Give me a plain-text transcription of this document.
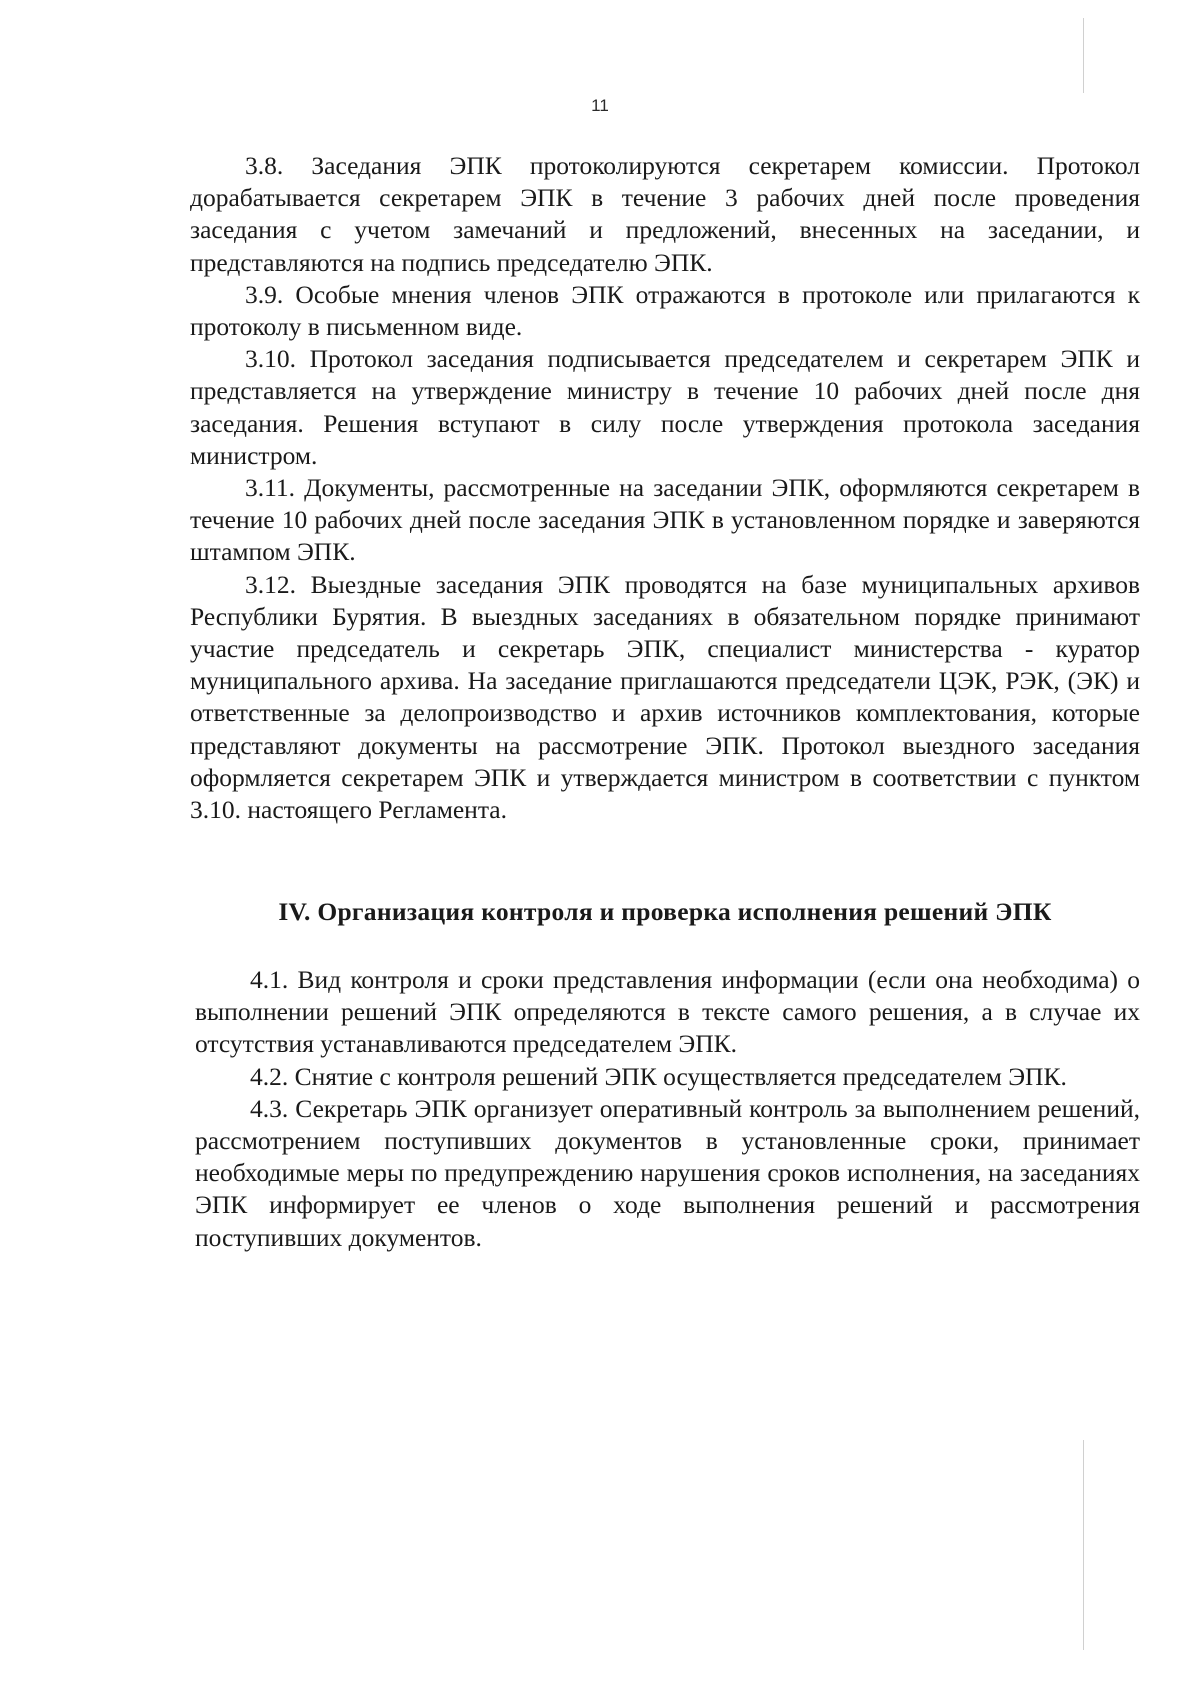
11

3.8. Заседания ЭПК протоколируются секретарем комиссии. Протокол дорабатывается секретарем ЭПК в течение 3 рабочих дней после проведения заседания с учетом замечаний и предложений, внесенных на заседании, и представляются на подпись председателю ЭПК.

3.9. Особые мнения членов ЭПК отражаются в протоколе или прилагаются к протоколу в письменном виде.

3.10. Протокол заседания подписывается председателем и секретарем ЭПК и представляется на утверждение министру в течение 10 рабочих дней после дня заседания. Решения вступают в силу после утверждения протокола заседания министром.

3.11. Документы, рассмотренные на заседании ЭПК, оформляются секретарем в течение 10 рабочих дней после заседания ЭПК в установленном порядке и заверяются штампом ЭПК.

3.12. Выездные заседания ЭПК проводятся на базе муниципальных архивов Республики Бурятия. В выездных заседаниях в обязательном порядке принимают участие председатель и секретарь ЭПК, специалист министерства - куратор муниципального архива. На заседание приглашаются председатели ЦЭК, РЭК, (ЭК) и ответственные за делопроизводство и архив источников комплектования, которые представляют документы на рассмотрение ЭПК. Протокол выездного заседания оформляется секретарем ЭПК и утверждается министром в соответствии с пунктом 3.10. настоящего Регламента.

IV. Организация контроля и проверка исполнения решений ЭПК

4.1. Вид контроля и сроки представления информации (если она необходима) о выполнении решений ЭПК определяются в тексте самого решения, а в случае их отсутствия устанавливаются председателем ЭПК.

4.2. Снятие с контроля решений ЭПК осуществляется председателем ЭПК.

4.3. Секретарь ЭПК организует оперативный контроль за выполнением решений, рассмотрением поступивших документов в установленные сроки, принимает необходимые меры по предупреждению нарушения сроков исполнения, на заседаниях ЭПК информирует ее членов о ходе выполнения решений и рассмотрения поступивших документов.
